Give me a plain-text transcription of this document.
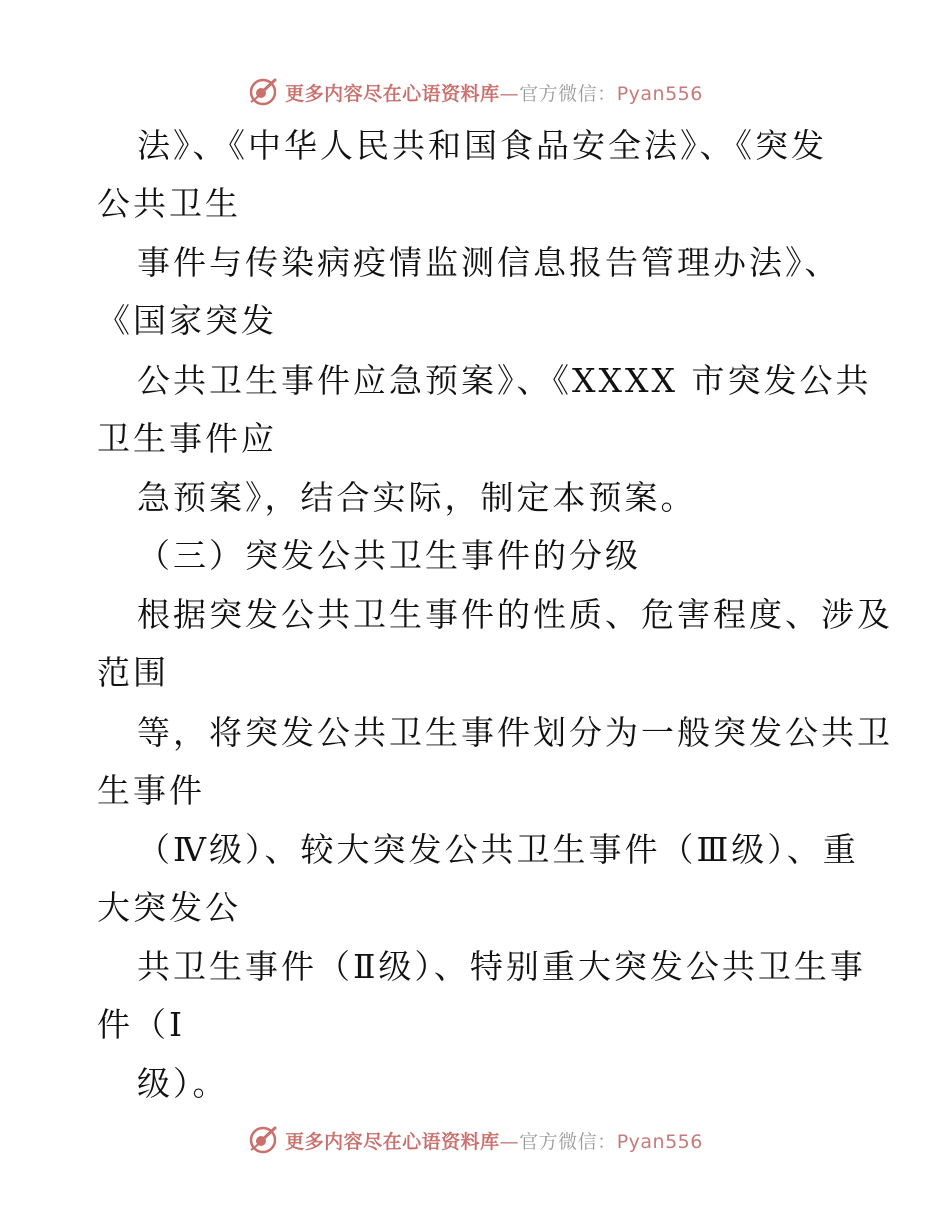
更多内容尽在心语资料库—官方微信：Pyan556
法》、《中华人民共和国食品安全法》、《突发
公共卫生
事件与传染病疫情监测信息报告管理办法》、
《国家突发
公共卫生事件应急预案》、《XXXX 市突发公共
卫生事件应
急预案》，结合实际，制定本预案。
（三）突发公共卫生事件的分级
根据突发公共卫生事件的性质、危害程度、涉及
范围
等，将突发公共卫生事件划分为一般突发公共卫
生事件
（Ⅳ级）、较大突发公共卫生事件（Ⅲ级）、重
大突发公
共卫生事件（Ⅱ级）、特别重大突发公共卫生事
件（Ⅰ
级）。
更多内容尽在心语资料库—官方微信：Pyan556
